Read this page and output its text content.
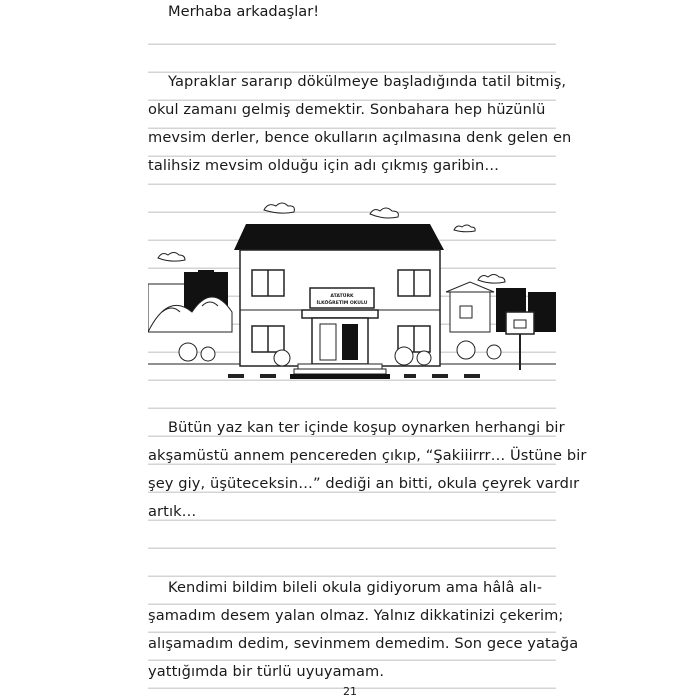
Merhaba arkadaşlar!

Yapraklar sararıp dökülmeye başladığında tatil bitmiş,
okul zamanı gelmiş demektir. Sonbahara hep hüzünlü
mevsim derler, bence okulların açılmasına denk gelen en
talihsiz mevsim olduğu için adı çıkmış garibin…
ATATÜRK
İLKÖĞRETİM OKULU
Bütün yaz kan ter içinde koşup oynarken herhangi bir
akşamüstü annem pencereden çıkıp, “Şakiiirrr… Üstüne bir
şey giy, üşüteceksin…” dediği an bitti, okula çeyrek vardır
artık…
Kendimi bildim bileli okula gidiyorum ama hâlâ alı-
şamadım desem yalan olmaz. Yalnız dikkatinizi çekerim;
alışamadım dedim, sevinmem demedim. Son gece yatağa
yattığımda bir türlü uyuyamam.
21
